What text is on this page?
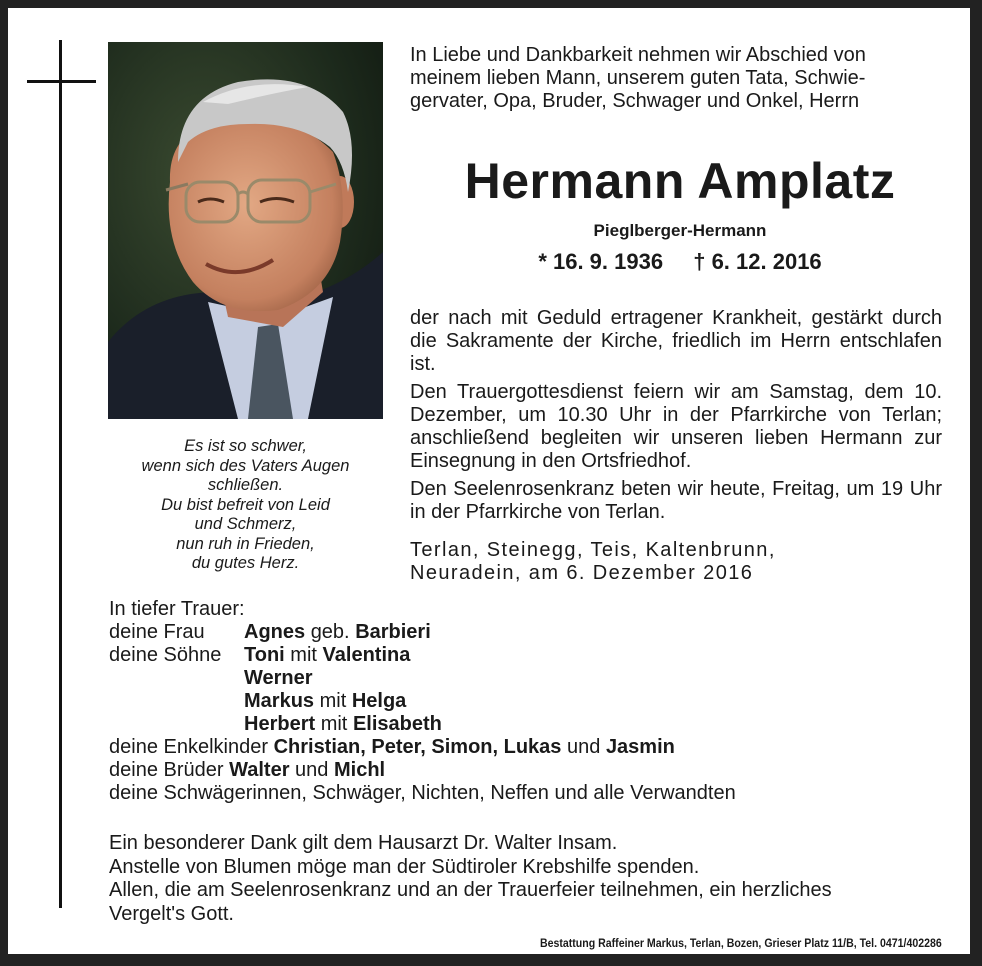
Es ist so schwer,
wenn sich des Vaters Augen
schließen.
Du bist befreit von Leid
und Schmerz,
nun ruh in Frieden,
du gutes Herz.
In Liebe und Dankbarkeit nehmen wir Abschied von
meinem lieben Mann, unserem guten Tata, Schwie-
gervater, Opa, Bruder, Schwager und Onkel, Herrn
Hermann Amplatz
Pieglberger-Hermann
* 16. 9. 1936 † 6. 12. 2016

der nach mit Geduld ertragener Krankheit, gestärkt durch die Sakramente der Kirche, friedlich im Herrn entschlafen ist.

Den Trauergottesdienst feiern wir am Samstag, dem 10. Dezember, um 10.30 Uhr in der Pfarrkirche von Terlan; anschließend begleiten wir unseren lieben Hermann zur Einsegnung in den Ortsfriedhof.

Den Seelenrosenkranz beten wir heute, Freitag, um 19 Uhr in der Pfarrkirche von Terlan.

Terlan, Steinegg, Teis, Kaltenbrunn,
Neuradein, am 6. Dezember 2016
In tiefer Trauer:
deine Frau	Agnes geb. Barbieri
deine Söhne	Toni mit Valentina
Werner
Markus mit Helga
Herbert mit Elisabeth
deine Enkelkinder
Christian, Peter, Simon, Lukas
und
Jasmin
deine Brüder
Walter
und
Michl
deine Schwägerinnen, Schwäger, Nichten, Neffen und alle Verwandten
Ein besonderer Dank gilt dem Hausarzt Dr. Walter Insam.
Anstelle von Blumen möge man der Südtiroler Krebshilfe spenden.
Allen, die am Seelenrosenkranz und an der Trauerfeier teilnehmen, ein herzliches
Vergelt's Gott.
Bestattung Raffeiner Markus, Terlan, Bozen, Grieser Platz 11/B, Tel. 0471/402286
